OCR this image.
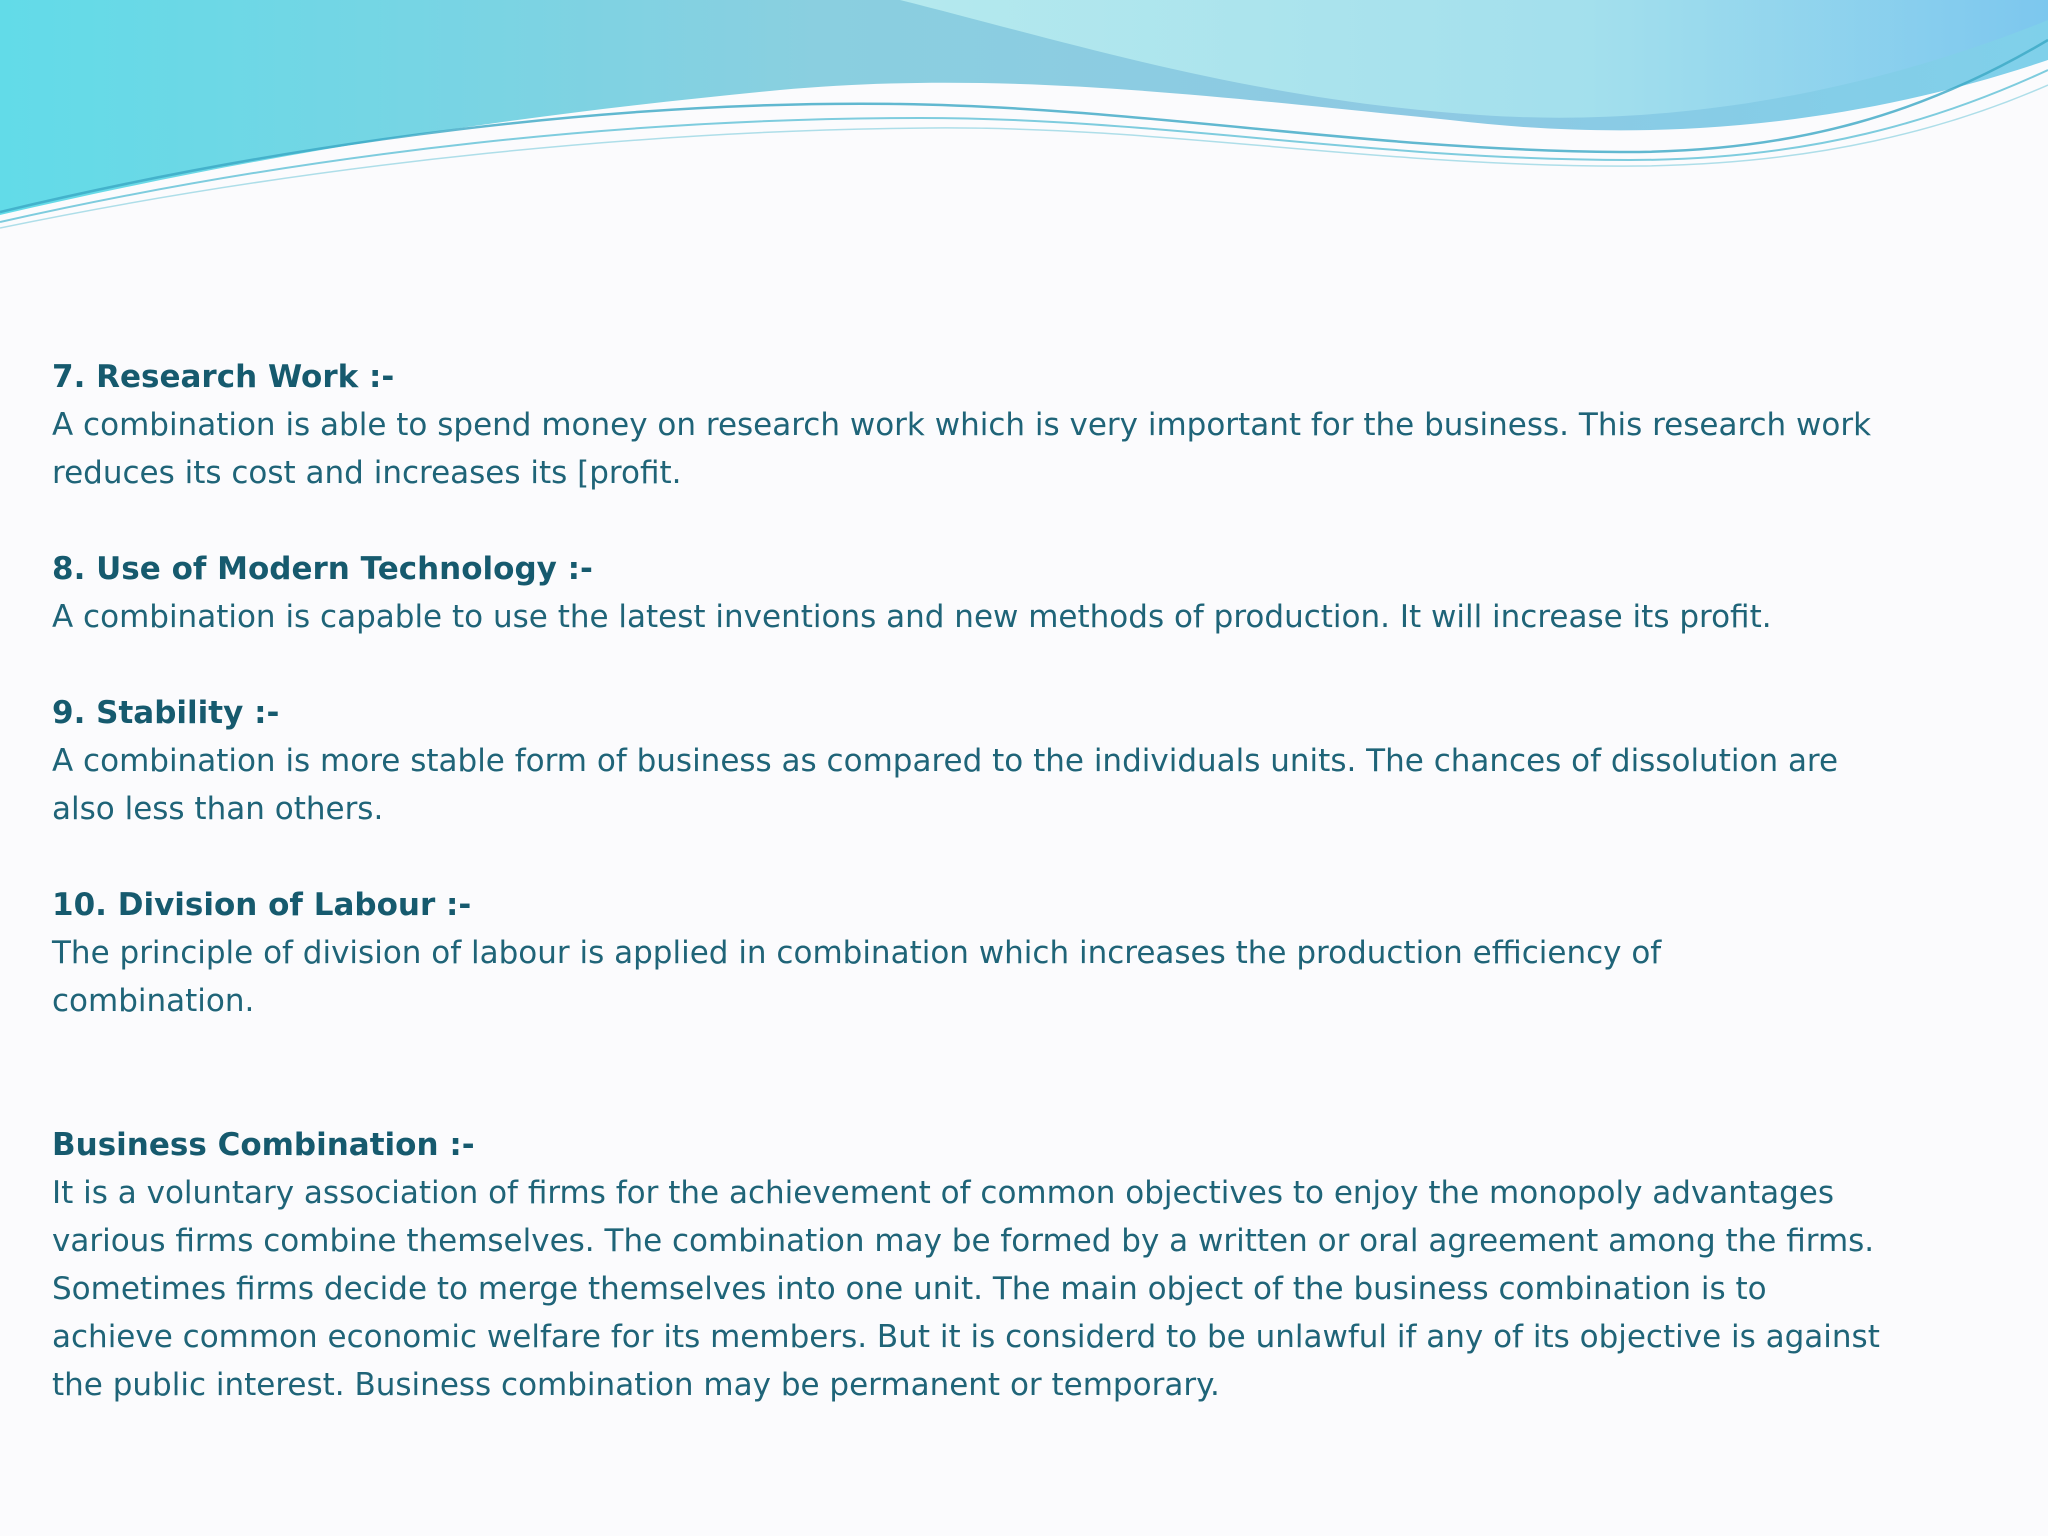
7. Research Work :-
A combination is able to spend money on research work which is very important for the business. This research work
reduces its cost and increases its [profit.
8. Use of Modern Technology :-
A combination is capable to use the latest inventions and new methods of production. It will increase its profit.
9. Stability :-
A combination is more stable form of business as compared to the individuals units. The chances of dissolution are
also less than others.
10. Division of Labour :-
The principle of division of labour is applied in combination which increases the production efficiency of
combination.
Business Combination :-
It is a voluntary association of firms for the achievement of common objectives to enjoy the monopoly advantages
various firms combine themselves. The combination may be formed by a written or oral agreement among the firms.
Sometimes firms decide to merge themselves into one unit. The main object of the business combination is to
achieve common economic welfare for its members. But it is considerd to be unlawful if any of its objective is against
the public interest. Business combination may be permanent or temporary.
